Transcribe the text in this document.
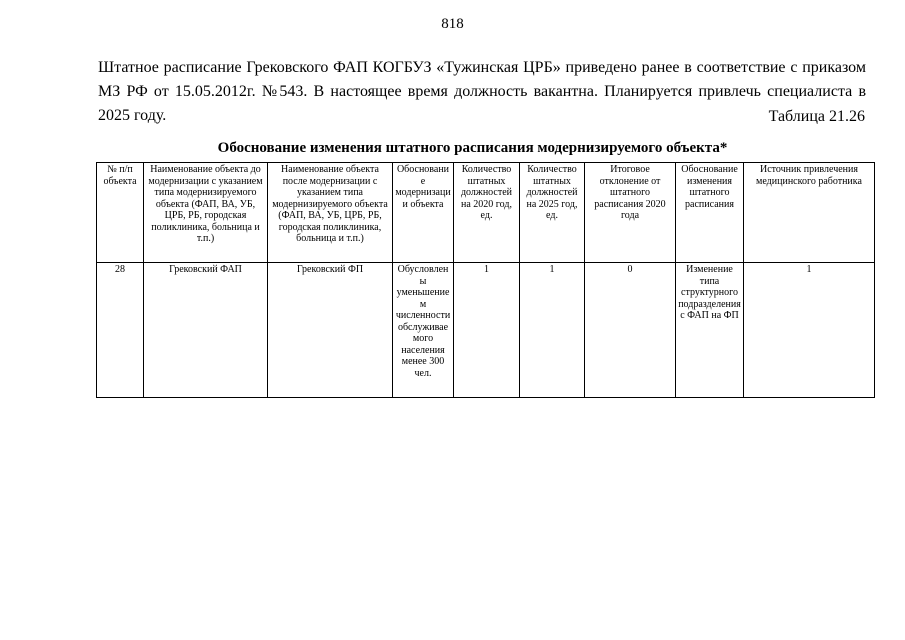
818
Штатное расписание Грековского ФАП КОГБУЗ «Тужинская ЦРБ» приведено ранее в соответствие с приказом МЗ РФ от 15.05.2012г. №543. В настоящее время должность вакантна. Планируется привлечь специалиста в 2025 году.	Таблица 21.26
Обоснование изменения штатного расписания модернизируемого объекта*
№ п/п объекта	Наименование объекта до модернизации с указанием типа модернизируемого объекта (ФАП, ВА, УБ, ЦРБ, РБ, городская поликлиника, больница и т.п.)	Наименование объекта после модернизации с указанием типа модернизируемого объекта (ФАП, ВА, УБ, ЦРБ, РБ, городская поликлиника, больница и т.п.)	Обоснование модернизации объекта	Количество штатных должностей на 2020 год, ед.	Количество штатных должностей на 2025 год, ед.	Итоговое отклонение от штатного расписания 2020 года	Обоснование изменения штатного расписания	Источник привлечения медицинского работника
28	Грековский ФАП	Грековский ФП	Обусловлены уменьшением численности обслуживаемого населения менее 300 чел.	1	1	0	Изменение типа структурного подразделения с ФАП на ФП	1
